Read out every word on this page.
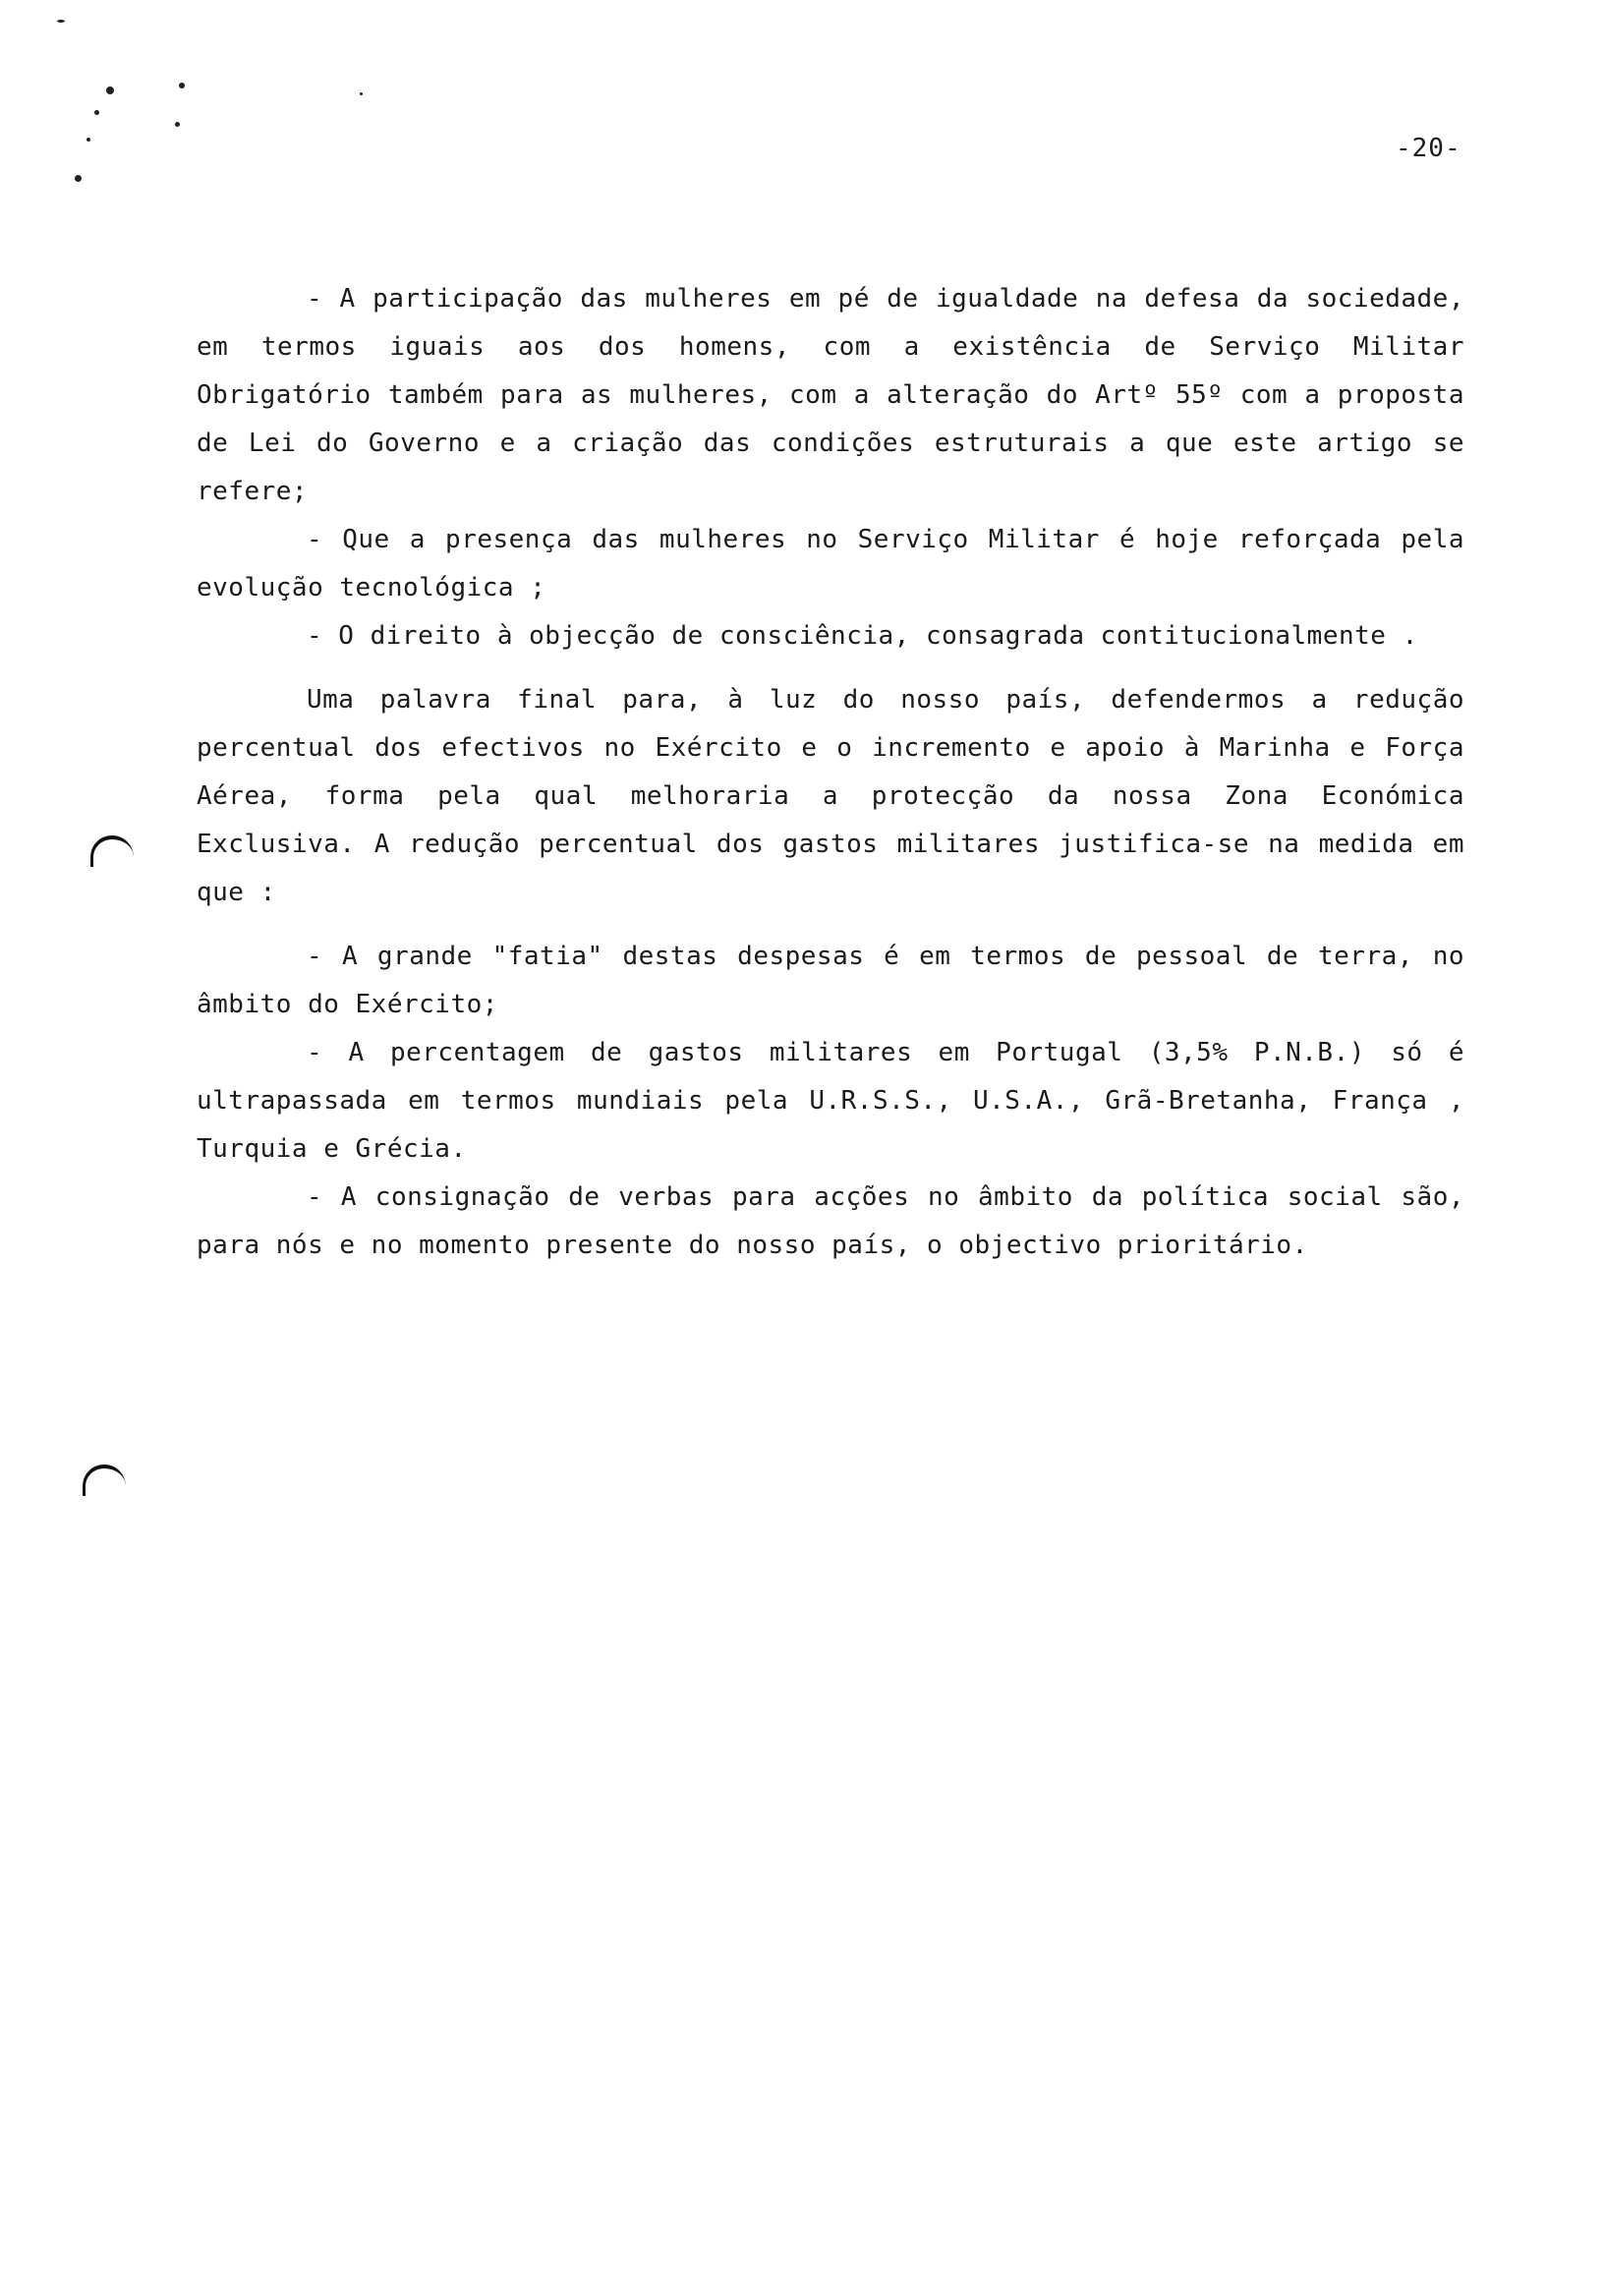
-20-

- A participação das mulheres em pé de igualdade na defesa da sociedade, em termos iguais aos dos homens, com a existência de Serviço Militar Obrigatório também para as mulheres, com a alteração do Artº 55º com a proposta de Lei do Governo e a criação das condições estruturais a que este artigo se refere;

- Que a presença das mulheres no Serviço Militar é hoje reforçada pela evolução tecnológica ;

- O direito à objecção de consciência, consagrada contitucionalmente .

Uma palavra final para, à luz do nosso país, defendermos a redução percentual dos efectivos no Exército e o incremento e apoio à Marinha e Força Aérea, forma pela qual melhoraria a protecção da nossa Zona Económica Exclusiva. A redução percentual dos gastos militares justifica-se na medida em que :

- A grande "fatia" destas despesas é em termos de pessoal de terra, no âmbito do Exército;

- A percentagem de gastos militares em Portugal (3,5% P.N.B.) só é ultrapassada em termos mundiais pela U.R.S.S., U.S.A., Grã-Bretanha, França , Turquia e Grécia.

- A consignação de verbas para acções no âmbito da política social são, para nós e no momento presente do nosso país, o objectivo prioritário.
